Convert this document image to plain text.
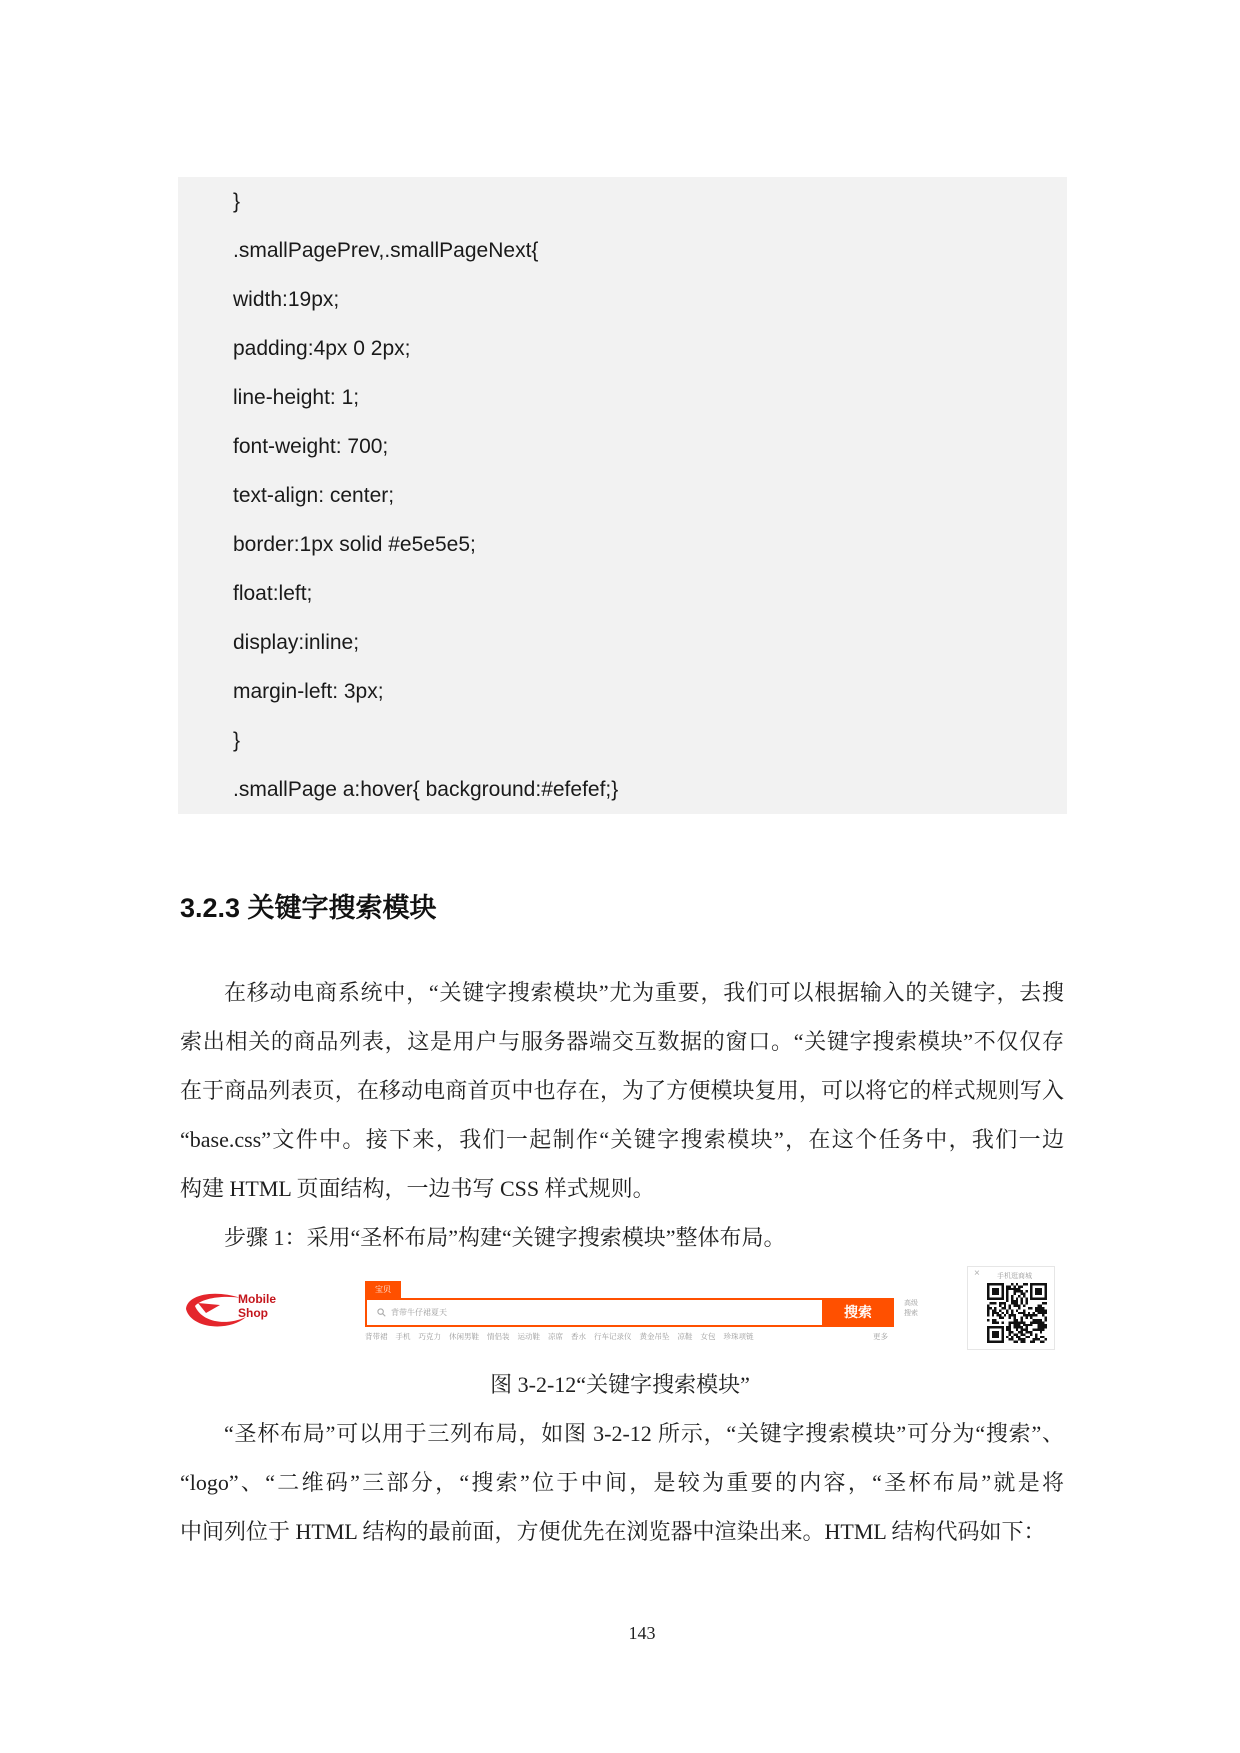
}
.smallPagePrev,.smallPageNext{
width:19px;
padding:4px 0 2px;
line-height: 1;
font-weight: 700;
text-align: center;
border:1px solid #e5e5e5;
float:left;
display:inline;
margin-left: 3px;
}
.smallPage a:hover{ background:#efefef;}
3.2.3 关键字搜索模块
在移动电商系统中，“关键字搜索模块”尤为重要，我们可以根据输入的关键字，去搜
索出相关的商品列表，这是用户与服务器端交互数据的窗口。“关键字搜索模块”不仅仅存
在于商品列表页，在移动电商首页中也存在，为了方便模块复用，可以将它的样式规则写入
“base.css”文件中。接下来，我们一起制作“关键字搜索模块”，在这个任务中，我们一边
构建 HTML 页面结构，一边书写 CSS 样式规则。
步骤 1：采用“圣杯布局”构建“关键字搜索模块”整体布局。
Mobile
Shop
宝贝
背带牛仔裙夏天
搜索
背带裙 手机 巧克力 休闲男鞋 情侣装 运动鞋 凉席 香水 行车记录仪 黄金吊坠 凉鞋 女包 珍珠项链	更多
高级
搜索
× 手机逛商城
图 3-2-12“关键字搜索模块”
“圣杯布局”可以用于三列布局，如图 3-2-12 所示，“关键字搜索模块”可分为“搜索”、
“logo”、“二维码”三部分，“搜索”位于中间，是较为重要的内容，“圣杯布局”就是将
中间列位于 HTML 结构的最前面，方便优先在浏览器中渲染出来。HTML 结构代码如下：
143
